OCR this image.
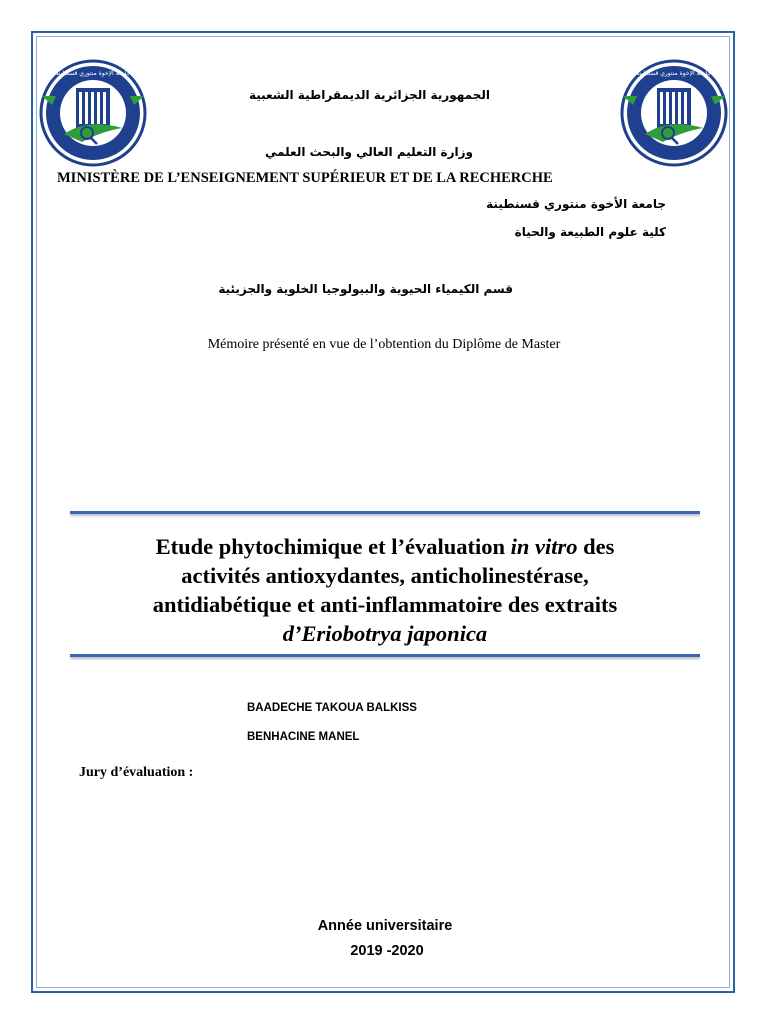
جامعة الإخوة منتوري قسنطينة	جامعة الإخوة منتوري قسنطينة
الجمهورية الجزائرية الديمقراطية الشعبية
وزارة التعليم العالي والبحث العلمي
MINISTÈRE DE L’ENSEIGNEMENT SUPÉRIEUR ET DE LA RECHERCHE
جامعة الأخوة منتوري قسنطينة
كلية علوم الطبيعة والحياة
قسم الكيمياء الحيوية والبيولوجيا الخلوية والجزيئية
Mémoire présenté en vue de l’obtention du Diplôme de Master
Etude phytochimique et l’évaluation in vitro des
activités antioxydantes, anticholinestérase,
antidiabétique et anti-inflammatoire des extraits
d’Eriobotrya japonica
BAADECHE TAKOUA BALKISS
BENHACINE MANEL
Jury d’évaluation :
Année universitaire
2019 -2020
